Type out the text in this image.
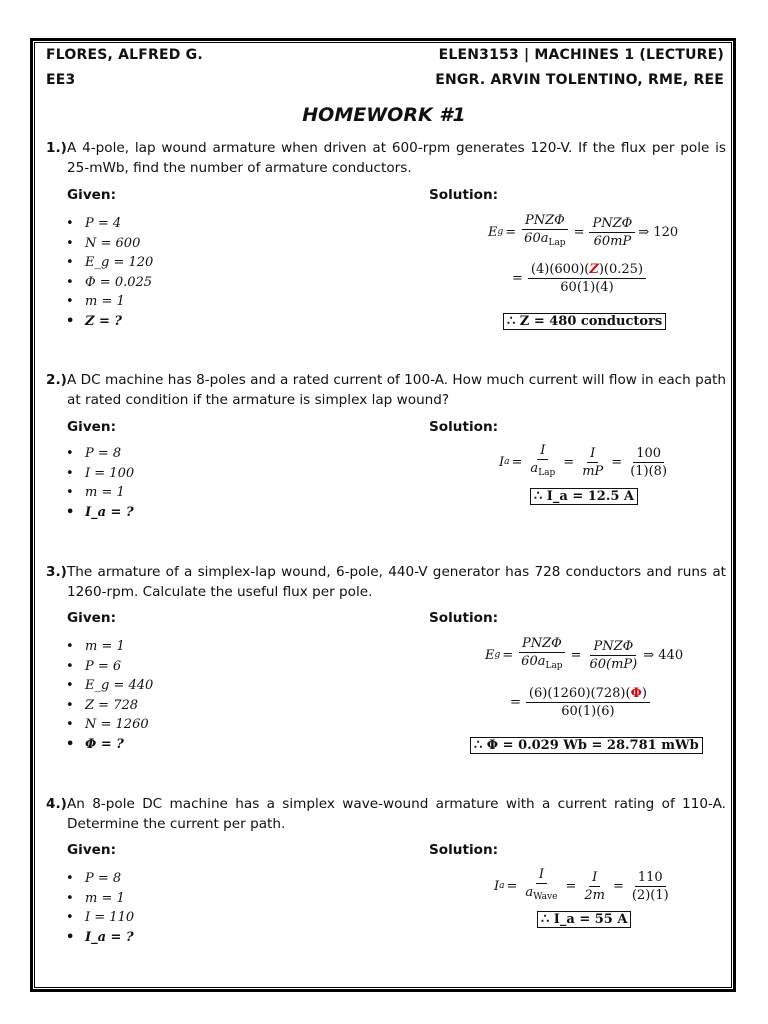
FLORES, ALFRED G.
EE3
ELEN3153 | MACHINES 1 (LECTURE)
ENGR. ARVIN TOLENTINO, RME, REE
HOMEWORK #1
1.) A 4-pole, lap wound armature when driven at 600-rpm generates 120-V. If the flux per pole is 25-mWb, find the number of armature conductors.
Given:	Solution:
• P = 4
• N = 600
• E_g = 120
• Φ = 0.025
• m = 1
• Z = ?
E $g = \frac{\text{PNZΦ}}{60a_{Lap}} = \frac{\text{PNZΦ}}{60mP}$ ⇒ 120
= $\frac{(4)(600)(Z)(0.25)}{60(1)(4)}$
∴ Z = 480 conductors
2.) A DC machine has 8-poles and a rated current of 100-A. How much current will flow in each path at rated condition if the armature is simplex lap wound?
Given:	Solution:
• P = 8
• I = 100
• m = 1
• I_a = ?
I $a = \frac{I}{a_{Lap}} = \frac{I}{mP} = \frac{100}{(1)(8)}$
∴ I_a = 12.5 A
3.) The armature of a simplex-lap wound, 6-pole, 440-V generator has 728 conductors and runs at 1260-rpm. Calculate the useful flux per pole.
Given:	Solution:
• m = 1
• P = 6
• E_g = 440
• Z = 728
• N = 1260
• Φ = ?
E $g = \frac{\text{PNZΦ}}{60a_{Lap}} = \frac{\text{PNZΦ}}{60(mP)}$ ⇒ 440
= $\frac{(6)(1260)(728)(\Phi)}{60(1)(6)}$
∴ Φ = 0.029 Wb = 28.781 mWb
4.) An 8-pole DC machine has a simplex wave-wound armature with a current rating of 110-A. Determine the current per path.
Given:	Solution:
• P = 8
• m = 1
• I = 110
• I_a = ?
I $a = \frac{I}{a_{Wave}} = \frac{I}{2m} = \frac{110}{(2)(1)}$
∴ I_a = 55 A
